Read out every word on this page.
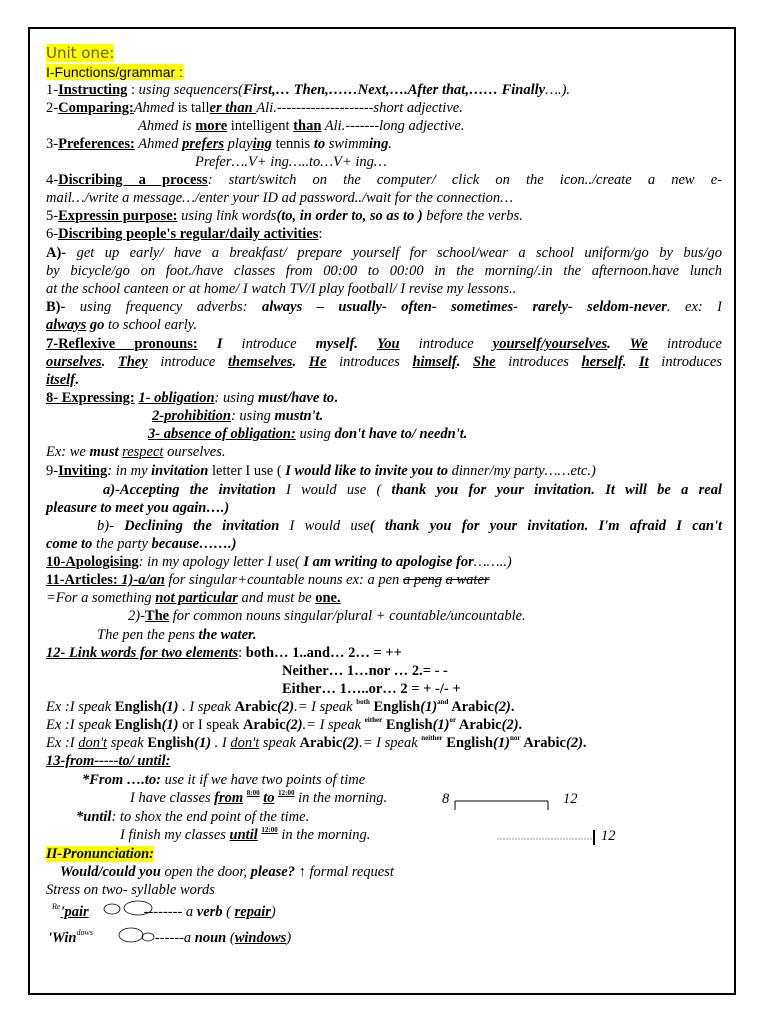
Unit one:
I-Functions/grammar :
1-Instructing : using sequencers(First,… Then,……Next,….After that,…… Finally….).
2-Comparing:Ahmed is taller than Ali.--------------------short adjective.
Ahmed is more intelligent than Ali.-------long adjective.
3-Preferences: Ahmed prefers playing tennis to swimming.
Prefer….V+ ing…..to…V+ ing…
4-Discribing a process: start/switch on the computer/ click on the icon../create a new e-
mail…/write a message…/enter your ID ad password../wait for the connection…
5-Expressin purpose: using link words(to, in order to, so as to ) before the verbs.
6-Discribing people's regular/daily activities:
A)- get up early/ have a breakfast/ prepare yourself for school/wear a school uniform/go by bus/go
by bicycle/go on foot./have classes from 00:00 to 00:00 in the morning/.in the afternoon.have lunch
at the school canteen or at home/ I watch TV/I play football/ I revise my lessons..
B)- using frequency adverbs: always – usually- often- sometimes- rarely- seldom-never. ex: I
always go to school early.
7-Reflexive pronouns: I introduce myself. You introduce yourself/yourselves. We introduce
ourselves. They introduce themselves. He introduces himself. She introduces herself. It introduces
itself.
8- Expressing: 1- obligation: using must/have to.
2-prohibition: using mustn't.
3- absence of obligation: using don't have to/ needn't.
Ex: we must respect ourselves.
9-Inviting: in my invitation letter I use ( I would like to invite you to dinner/my party……etc.)
a)-Accepting the invitation I would use ( thank you for your invitation. It will be a real
pleasure to meet you again….)
b)- Declining the invitation I would use( thank you for your invitation. I'm afraid I can't
come to the party because…….)
10-Apologising: in my apology letter I use( I am writing to apologise for……..)
11-Articles: 1)-a/an for singular+countable nouns ex: a pen a peng a water
=For a something not particular and must be one.
2)-The for common nouns singular/plural + countable/uncountable.
The pen the pens the water.
12- Link words for two elements: both… 1..and… 2… = ++
Neither… 1…nor … 2.= - -
Either… 1…..or… 2 = + -/- +
Ex :I speak English(1) . I speak Arabic(2).= I speak $^{both}$ $English(1)^{and}$ Arabic(2).
Ex :I speak English(1) or I speak Arabic(2).= I speak $^{either}$ $English(1)^{or}$ Arabic(2).
Ex :I don't speak English(1) . I don't speak Arabic(2).= I speak $^{neither}$ $English(1)^{nor}$ Arabic(2).
13-from-----to/ until:
*From ….to: use it if we have two points of time
I have classes from $^{8:00}$ to $^{12:00}$ in the morning.
*until: to shox the end point of the time.
I finish my classes until $^{12:00}$ in the morning.
8	12
12
II-Pronunciation:
Would/could you open the door, please? ↑ formal request
Stress on two- syllable words
$^{Re}$'pair	-------- a verb ( repair)
'Win$^{dows}$	------a noun (windows)
